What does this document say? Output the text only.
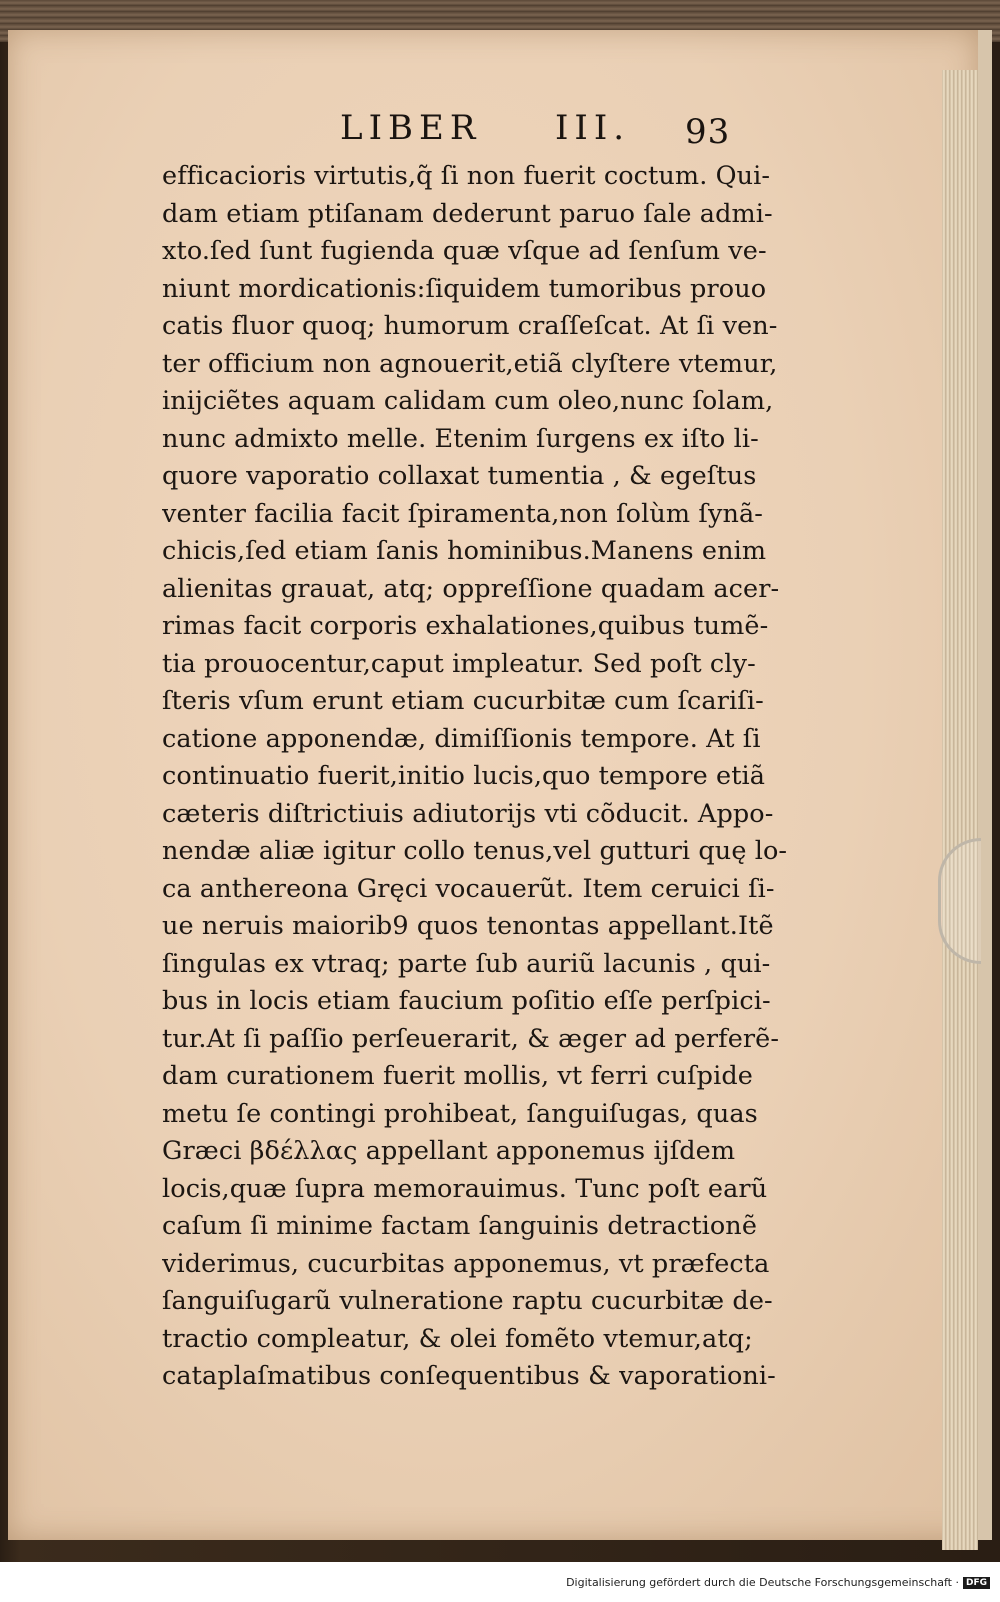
LIBER III. 93
efficacioris virtutis,q̃ ſi non fuerit coctum. Qui-
dam etiam ptiſanam dederunt paruo ſale admi-
xto.ſed ſunt fugienda quæ vſque ad ſenſum ve-
niunt mordicationis:ſiquidem tumoribus prouo
catis fluor quoq; humorum craſſeſcat. At ſi ven-
ter officium non agnouerit,etiã clyſtere vtemur,
inijciẽtes aquam calidam cum oleo,nunc ſolam,
nunc admixto melle. Etenim ſurgens ex iſto li-
quore vaporatio collaxat tumentia , & egeſtus
venter facilia facit ſpiramenta,non ſolùm ſynã-
chicis,ſed etiam ſanis hominibus.Manens enim
alienitas grauat, atq; oppreſſione quadam acer-
rimas facit corporis exhalationes,quibus tumẽ-
tia prouocentur,caput impleatur. Sed poſt cly-
ſteris vſum erunt etiam cucurbitæ cum ſcariſi-
catione apponendæ, dimiſſionis tempore. At ſi
continuatio fuerit,initio lucis,quo tempore etiã
cæteris diſtrictiuis adiutorijs vti cõducit. Appo-
nendæ aliæ igitur collo tenus,vel gutturi quę lo-
ca anthereona Gręci vocauerũt. Item ceruici ſi-
ue neruis maiorib9 quos tenontas appellant.Itẽ
ſingulas ex vtraq; parte ſub auriũ lacunis , qui-
bus in locis etiam faucium poſitio eſſe perſpici-
tur.At ſi paſſio perſeuerarit, & æger ad perferẽ-
dam curationem fuerit mollis, vt ferri cuſpide
metu ſe contingi prohibeat, ſanguiſugas, quas
Græci βδέλλας appellant apponemus ijſdem
locis,quæ ſupra memorauimus. Tunc poſt earũ
caſum ſi minime factam ſanguinis detractionẽ
viderimus, cucurbitas apponemus, vt præfecta
ſanguiſugarũ vulneratione raptu cucurbitæ de-
tractio compleatur, & olei fomẽto vtemur,atq;
cataplaſmatibus conſequentibus & vaporationi-
Digitalisierung gefördert durch die Deutsche Forschungsgemeinschaft · DFG
